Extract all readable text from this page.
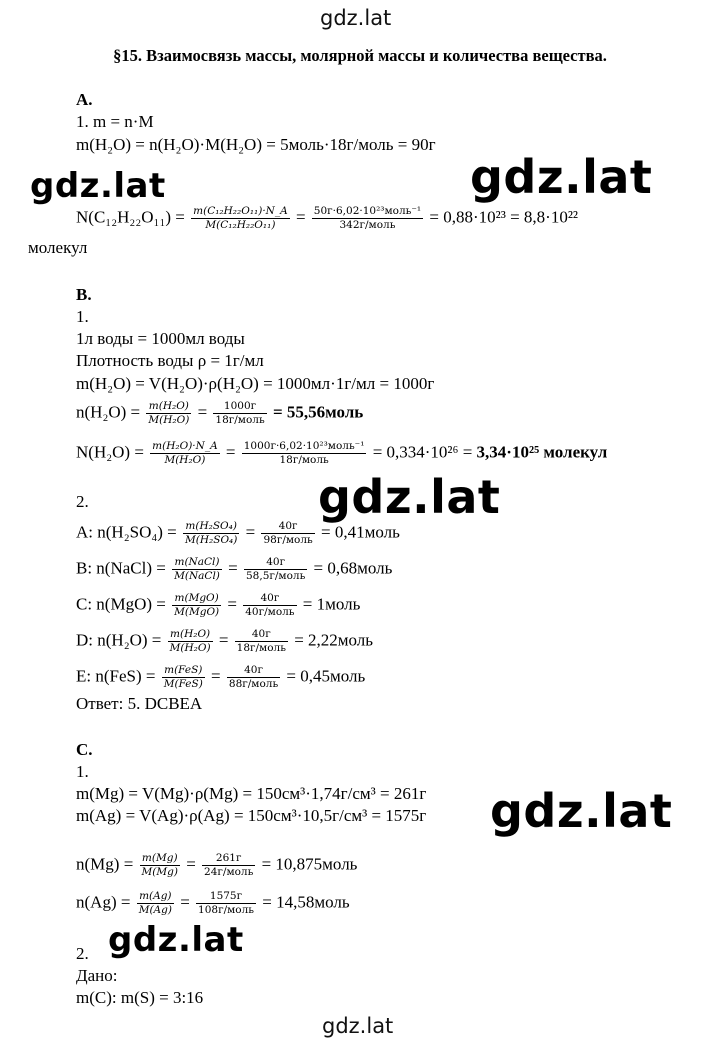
gdz.lat
gdz.lat
gdz.lat	gdz.lat
gdz.lat
gdz.lat
gdz.lat
§15. Взаимосвязь массы, молярной массы и количества вещества.
А.
1. m = n·M
m(H₂O) = n(H₂O)·M(H₂O) = 5моль·18г/моль = 90г
$N(C_{12}H_{22}O_{11}) = \frac{\text{m(C₁₂H₂₂O₁₁)·N\_A}}{\text{M(C₁₂H₂₂O₁₁)}}$ = 50г·6,02·10²³моль⁻¹
342г/моль	= 0,88·10²³ = 8,8·10²²
молекул
В.
1.
1л воды = 1000мл воды
Плотность воды ρ = 1г/мл
m(H₂O) = V(H₂O)·ρ(H₂O) = 1000мл·1г/мл = 1000г
$n(H_2O) = \frac{\text{m(H₂O)}}{\text{M(H₂O)}}$ =	1000г
18г/моль = 55,56моль
$N(H_2O) = \frac{\text{m(H₂O)·N\_A}}{\text{M(H₂O)}}$ = 1000г·6,02·10²³моль⁻¹
18г/моль	= 0,334·10²⁶ = 3,34·10²⁵ молекул
2.
A: $n(H_2SO_4) = \frac{\text{m(H₂SO₄)}}{\text{M(H₂SO₄)}}$ =	40г
98г/моль = 0,41моль
B: n(NaCl) = m(NaCl)
M(NaCl) =	40г
58,5г/моль = 0,68моль
C: n(MgO) = m(MgO)
M(MgO) =	40г
40г/моль = 1моль
D: $n(H_2O) = \frac{\text{m(H₂O)}}{\text{M(H₂O)}}$ =	40г
18г/моль = 2,22моль
E: n(FeS) = m(FeS)
M(FeS) =	40г
88г/моль = 0,45моль
Ответ: 5. DCBEA
С.
1.
m(Mg) = V(Mg)·ρ(Mg) = 150см³·1,74г/см³ = 261г
m(Ag) = V(Ag)·ρ(Ag) = 150см³·10,5г/см³ = 1575г
$n(Mg) = \frac{m(Mg)}{M(Mg)}$ =	261г
24г/моль = 10,875моль
$n(Ag) = \frac{m(Ag)}{M(Ag)}$ =	1575г
108г/моль = 14,58моль
2.
Дано:
m(C): m(S) = 3:16
